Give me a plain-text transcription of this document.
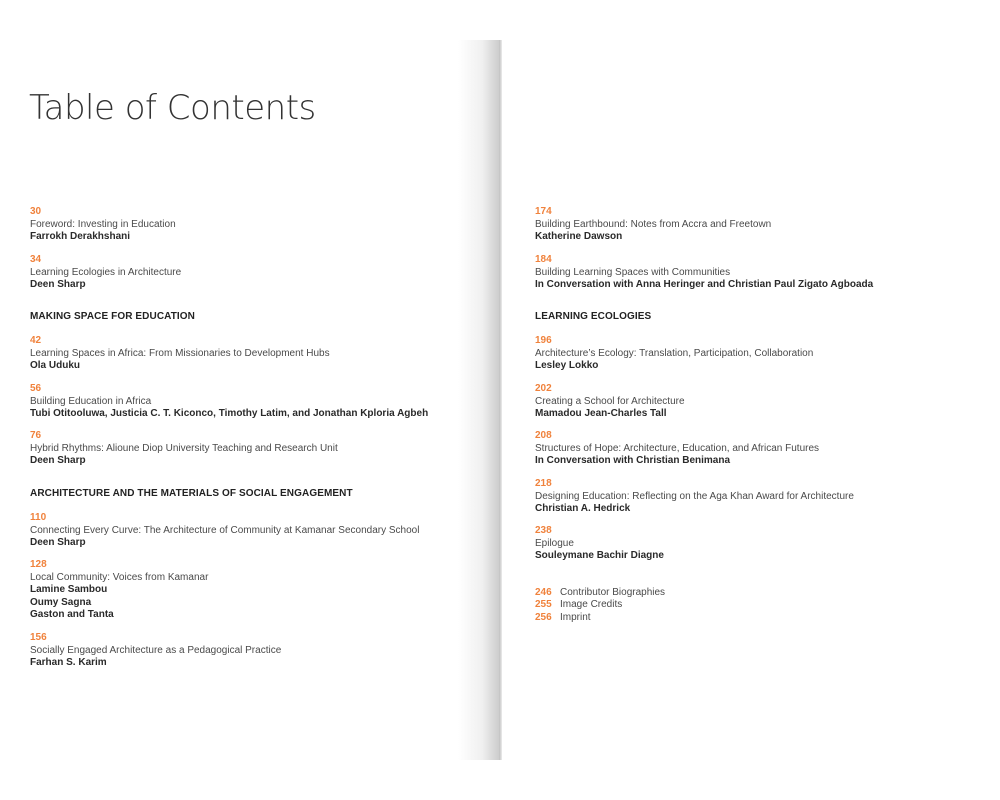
Table of Contents
30
Foreword: Investing in Education
Farrokh Derakhshani
34
Learning Ecologies in Architecture
Deen Sharp
MAKING SPACE FOR EDUCATION
42
Learning Spaces in Africa: From Missionaries to Development Hubs
Ola Uduku
56
Building Education in Africa
Tubi Otitooluwa, Justicia C. T. Kiconco, Timothy Latim, and Jonathan Kploria Agbeh
76
Hybrid Rhythms: Alioune Diop University Teaching and Research Unit
Deen Sharp
ARCHITECTURE AND THE MATERIALS OF SOCIAL ENGAGEMENT
110
Connecting Every Curve: The Architecture of Community at Kamanar Secondary School
Deen Sharp
128
Local Community: Voices from Kamanar
Lamine Sambou
Oumy Sagna
Gaston and Tanta
156
Socially Engaged Architecture as a Pedagogical Practice
Farhan S. Karim
174
Building Earthbound: Notes from Accra and Freetown
Katherine Dawson
184
Building Learning Spaces with Communities
In Conversation with Anna Heringer and Christian Paul Zigato Agboada
LEARNING ECOLOGIES
196
Architecture’s Ecology: Translation, Participation, Collaboration
Lesley Lokko
202
Creating a School for Architecture
Mamadou Jean-Charles Tall
208
Structures of Hope: Architecture, Education, and African Futures
In Conversation with Christian Benimana
218
Designing Education: Reflecting on the Aga Khan Award for Architecture
Christian A. Hedrick
238
Epilogue
Souleymane Bachir Diagne
246 Contributor Biographies
255 Image Credits
256 Imprint
